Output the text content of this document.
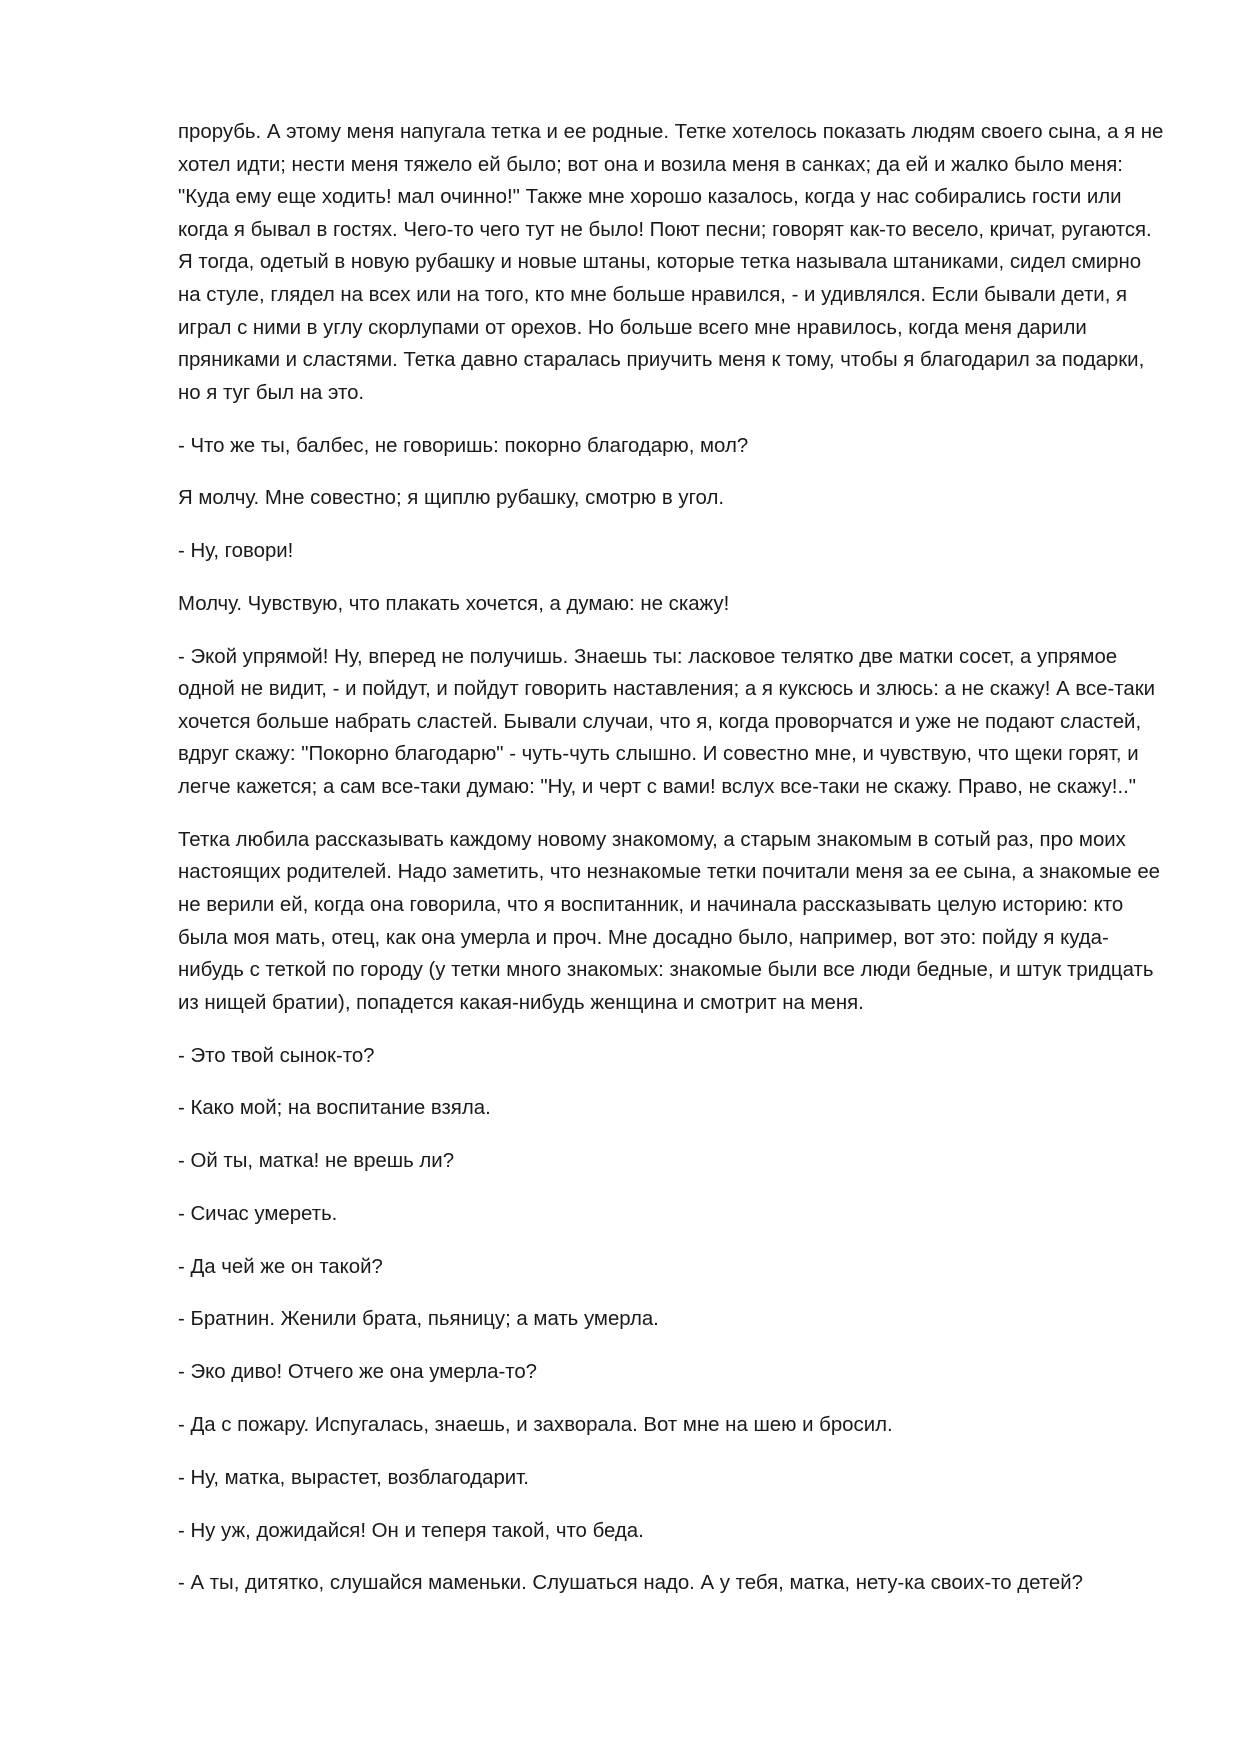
прорубь. А этому меня напугала тетка и ее родные. Тетке хотелось показать людям своего сына, а я не хотел идти; нести меня тяжело ей было; вот она и возила меня в санках; да ей и жалко было меня: "Куда ему еще ходить! мал очинно!" Также мне хорошо казалось, когда у нас собирались гости или когда я бывал в гостях. Чего-то чего тут не было! Поют песни; говорят как-то весело, кричат, ругаются. Я тогда, одетый в новую рубашку и новые штаны, которые тетка называла штаниками, сидел смирно на стуле, глядел на всех или на того, кто мне больше нравился, - и удивлялся. Если бывали дети, я играл с ними в углу скорлупами от орехов. Но больше всего мне нравилось, когда меня дарили пряниками и сластями. Тетка давно старалась приучить меня к тому, чтобы я благодарил за подарки, но я туг был на это.

- Что же ты, балбес, не говоришь: покорно благодарю, мол?

Я молчу. Мне совестно; я щиплю рубашку, смотрю в угол.

- Ну, говори!

Молчу. Чувствую, что плакать хочется, а думаю: не скажу!

- Экой упрямой! Ну, вперед не получишь. Знаешь ты: ласковое телятко две матки сосет, а упрямое одной не видит, - и пойдут, и пойдут говорить наставления; а я куксюсь и злюсь: а не скажу! А все-таки хочется больше набрать сластей. Бывали случаи, что я, когда проворчатся и уже не подают сластей, вдруг скажу: "Покорно благодарю" - чуть-чуть слышно. И совестно мне, и чувствую, что щеки горят, и легче кажется; а сам все-таки думаю: "Ну, и черт с вами! вслух все-таки не скажу. Право, не скажу!.."

Тетка любила рассказывать каждому новому знакомому, а старым знакомым в сотый раз, про моих настоящих родителей. Надо заметить, что незнакомые тетки почитали меня за ее сына, а знакомые ее не верили ей, когда она говорила, что я воспитанник, и начинала рассказывать целую историю: кто была моя мать, отец, как она умерла и проч. Мне досадно было, например, вот это: пойду я куда-нибудь с теткой по городу (у тетки много знакомых: знакомые были все люди бедные, и штук тридцать из нищей братии), попадется какая-нибудь женщина и смотрит на меня.

- Это твой сынок-то?

- Како мой; на воспитание взяла.

- Ой ты, матка! не врешь ли?

- Сичас умереть.

- Да чей же он такой?

- Братнин. Женили брата, пьяницу; а мать умерла.

- Эко диво! Отчего же она умерла-то?

- Да с пожару. Испугалась, знаешь, и захворала. Вот мне на шею и бросил.

- Ну, матка, вырастет, возблагодарит.

- Ну уж, дожидайся! Он и теперя такой, что беда.

- А ты, дитятко, слушайся маменьки. Слушаться надо. А у тебя, матка, нету-ка своих-то детей?
